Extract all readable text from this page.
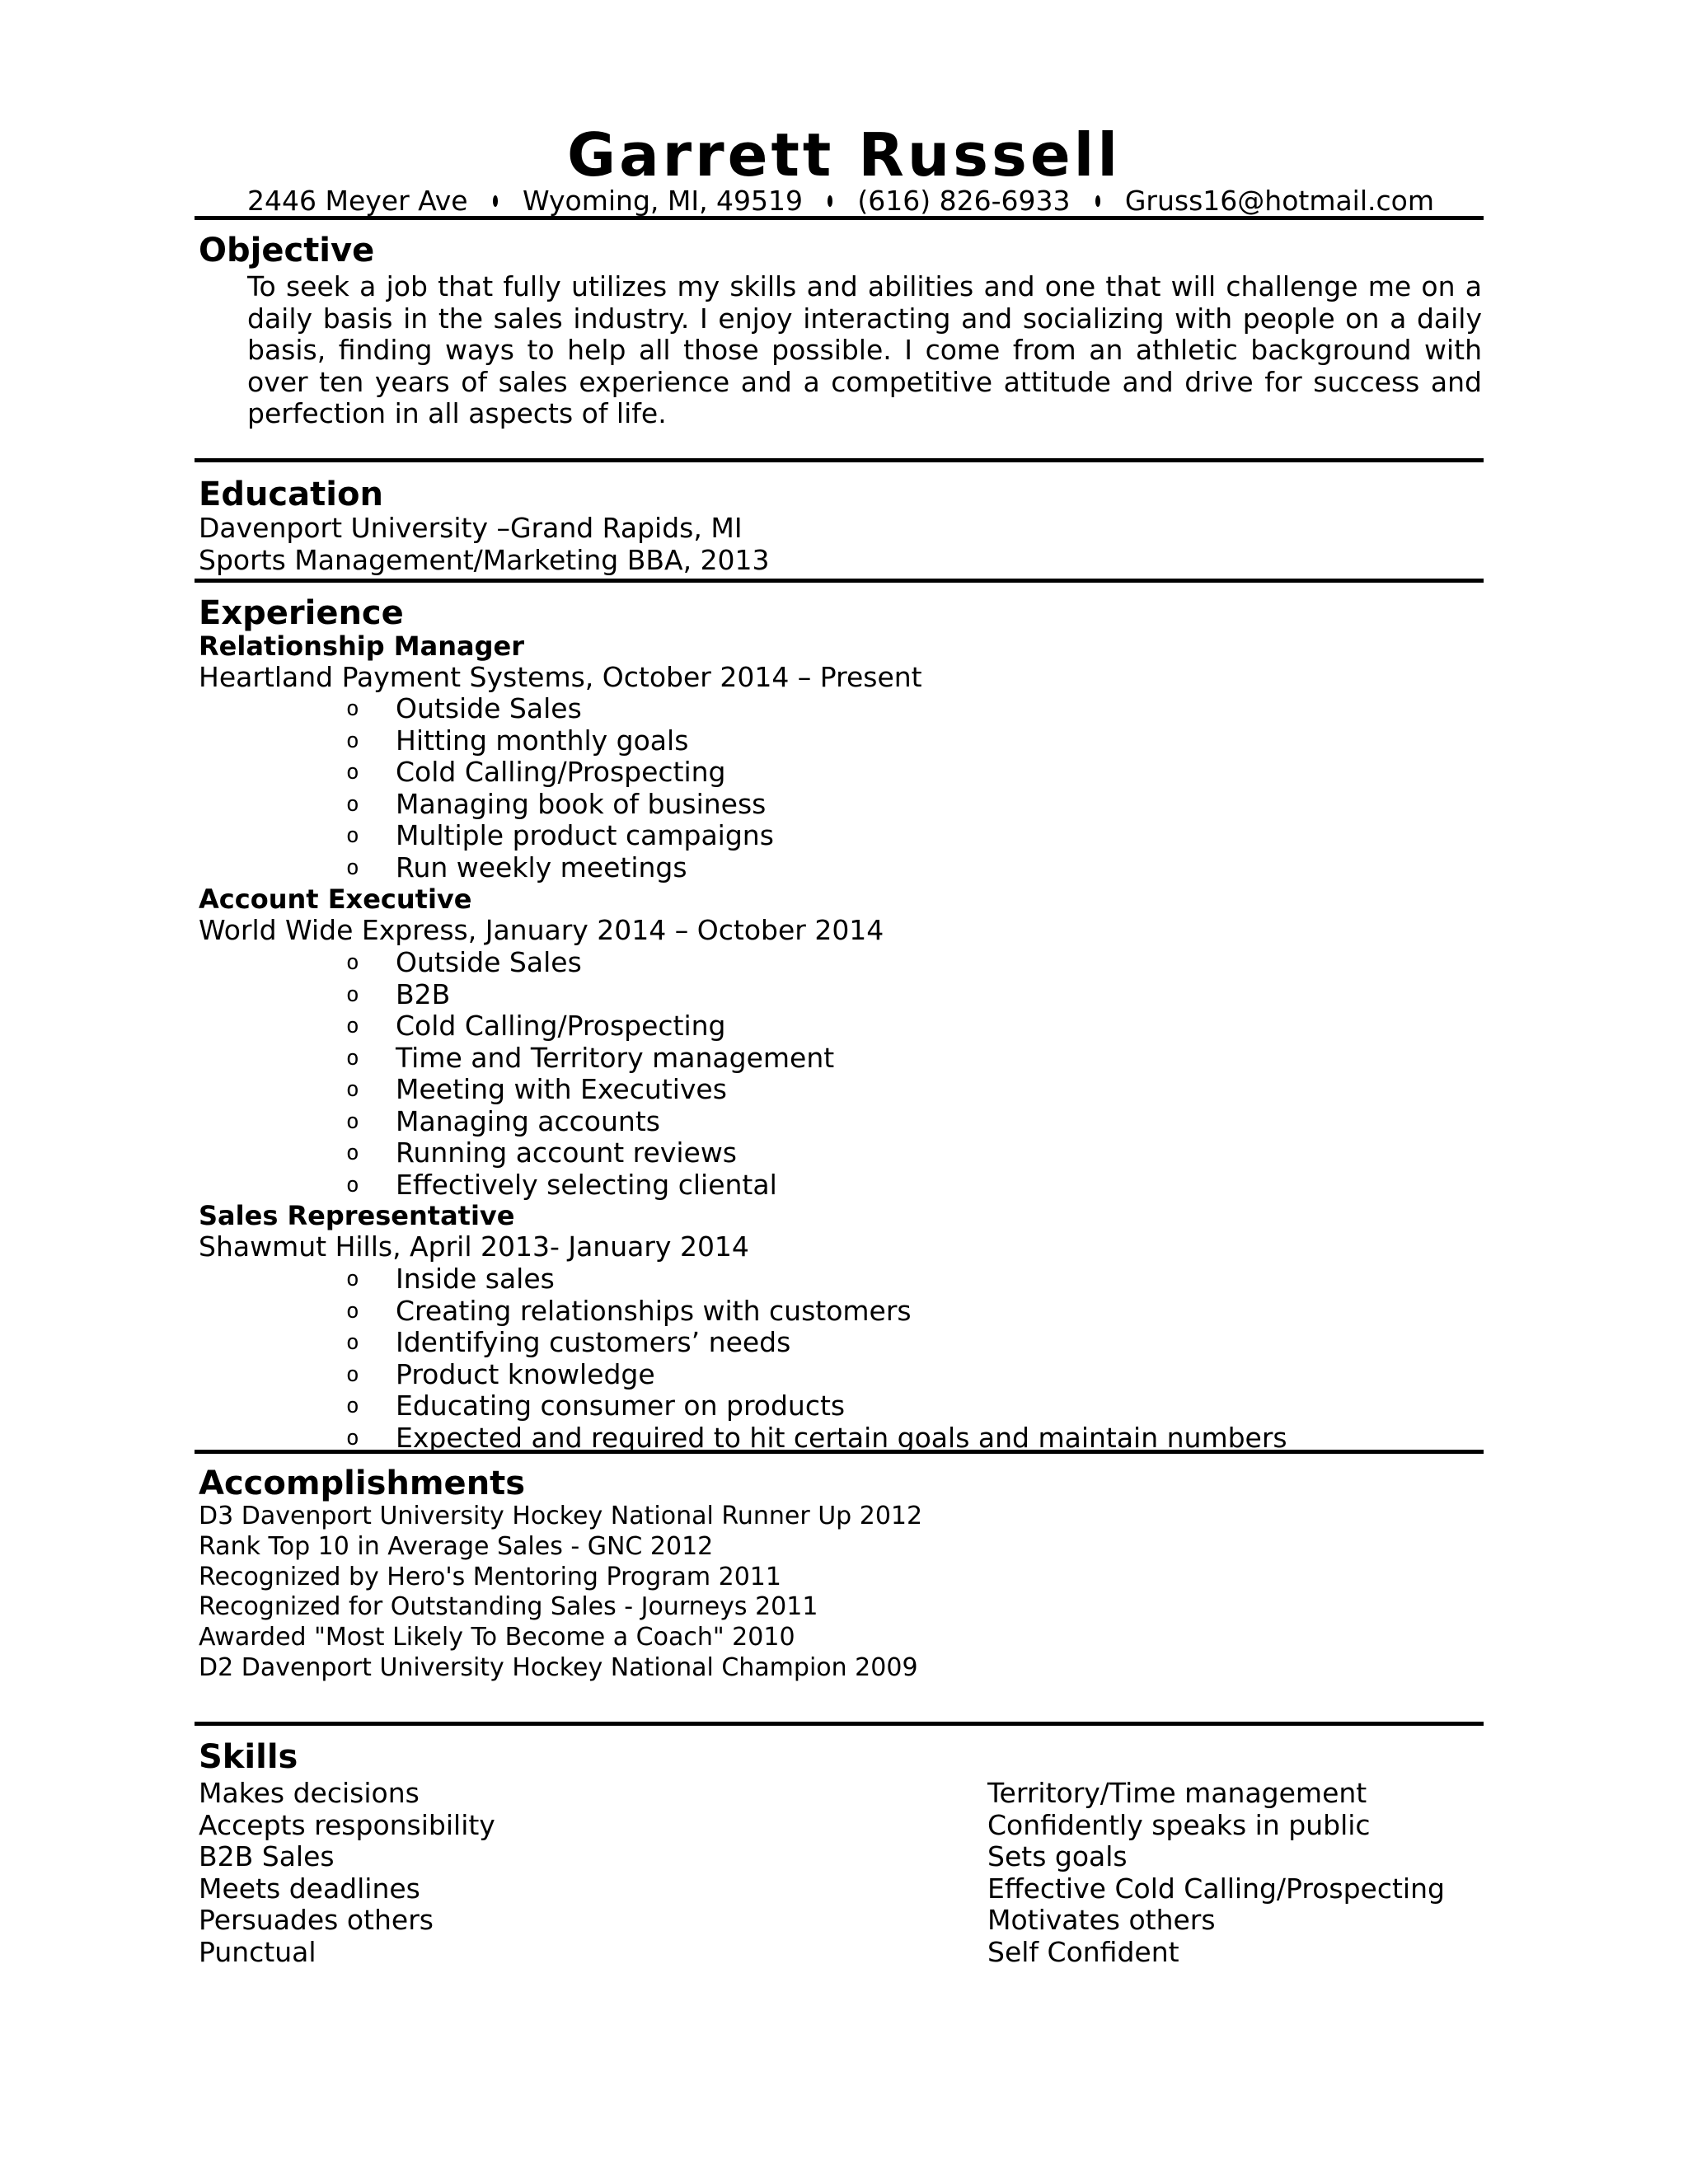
Garrett Russell
2446 Meyer Ave Wyoming, MI, 49519 (616) 826-6933 Gruss16@hotmail.com
Objective
To seek a job that fully utilizes my skills and abilities and one that will challenge me on a daily basis in the sales industry. I enjoy interacting and socializing with people on a daily basis, finding ways to help all those possible. I come from an athletic background with over ten years of sales experience and a competitive attitude and drive for success and perfection in all aspects of life.
Education
Davenport University –Grand Rapids, MI
Sports Management/Marketing BBA, 2013
Experience
Relationship Manager
Heartland Payment Systems, October 2014 – Present
o Outside Sales
o Hitting monthly goals
o Cold Calling/Prospecting
o Managing book of business
o Multiple product campaigns
o Run weekly meetings
Account Executive
World Wide Express, January 2014 – October 2014
o Outside Sales
o B2B
o Cold Calling/Prospecting
o Time and Territory management
o Meeting with Executives
o Managing accounts
o Running account reviews
o Effectively selecting cliental
Sales Representative
Shawmut Hills, April 2013- January 2014
o Inside sales
o Creating relationships with customers
o Identifying customers’ needs
o Product knowledge
o Educating consumer on products
o Expected and required to hit certain goals and maintain numbers
Accomplishments
D3 Davenport University Hockey National Runner Up 2012
Rank Top 10 in Average Sales - GNC 2012
Recognized by Hero's Mentoring Program 2011
Recognized for Outstanding Sales - Journeys 2011
Awarded "Most Likely To Become a Coach" 2010
D2 Davenport University Hockey National Champion 2009
Skills
Makes decisions
Accepts responsibility
B2B Sales
Meets deadlines
Persuades others
Punctual
Territory/Time management
Confidently speaks in public
Sets goals
Effective Cold Calling/Prospecting
Motivates others
Self Confident
